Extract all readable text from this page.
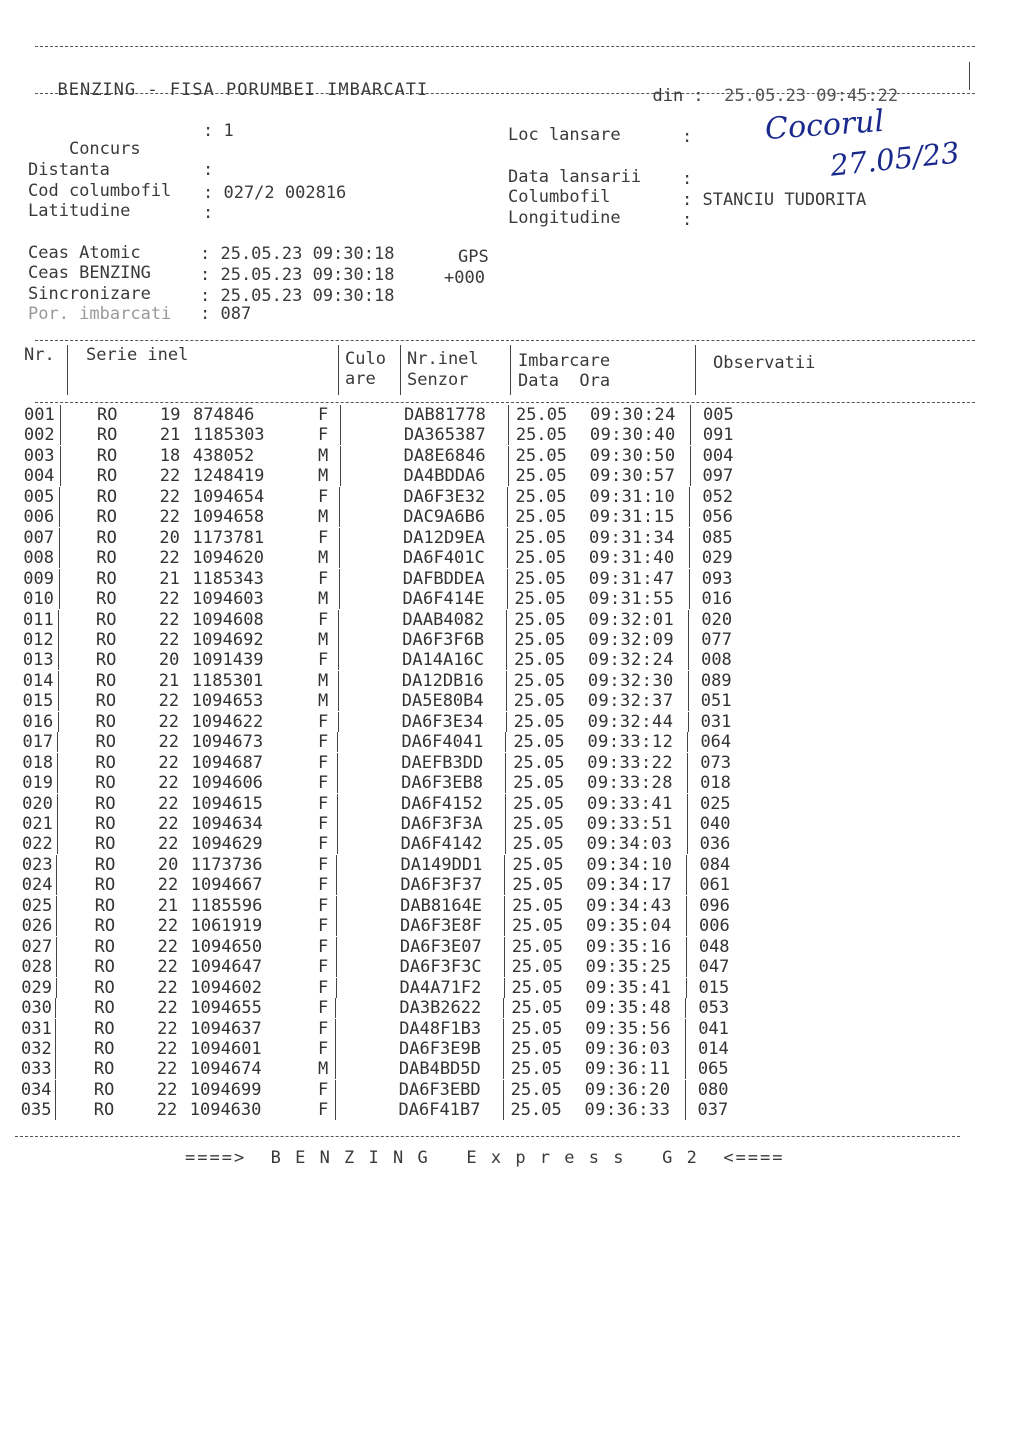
BENZING - FISA PORUMBEI IMBARCATI	din : 25.05.23 09:45:22

Concurs

: 1
Distanta	:
Cod columbofil : 027/2 002816
Latitudine	:
Loc lansare	:
Data lansarii :
Columbofil	: STANCIU TUDORITA
Longitudine	:
Cocorul
27.05/23
Ceas Atomic	: 25.05.23 09:30:18	GPS
Ceas BENZING	: 25.05.23 09:30:18	+000
Sincronizare	: 25.05.23 09:30:18
Por. imbarcati : 087
Nr. Serie inel	Culo
are
Nr.inel
Senzor
Imbarcare
Data  Ora
Observatii
001 RO	19 874846	F	DAB81778 25.05 09:30:24 005
002 RO	21 1185303	F	DA365387 25.05 09:30:40 091
003 RO	18 438052	M	DA8E6846 25.05 09:30:50 004
004 RO	22 1248419	M	DA4BDDA6 25.05 09:30:57 097
005 RO	22 1094654	F	DA6F3E32 25.05 09:31:10 052
006 RO	22 1094658	M	DAC9A6B6 25.05 09:31:15 056
007 RO	20 1173781	F	DA12D9EA 25.05 09:31:34 085
008 RO	22 1094620	M	DA6F401C 25.05 09:31:40 029
009 RO	21 1185343	F	DAFBDDEA 25.05 09:31:47 093
010 RO	22 1094603	M	DA6F414E 25.05 09:31:55 016
011 RO	22 1094608	F	DAAB4082 25.05 09:32:01 020
012 RO	22 1094692	M	DA6F3F6B 25.05 09:32:09 077
013 RO	20 1091439	F	DA14A16C 25.05 09:32:24 008
014 RO	21 1185301	M	DA12DB16 25.05 09:32:30 089
015 RO	22 1094653	M	DA5E80B4 25.05 09:32:37 051
016 RO	22 1094622	F	DA6F3E34 25.05 09:32:44 031
017 RO	22 1094673	F	DA6F4041 25.05 09:33:12 064
018 RO	22 1094687	F	DAEFB3DD 25.05 09:33:22 073
019 RO	22 1094606	F	DA6F3EB8 25.05 09:33:28 018
020 RO	22 1094615	F	DA6F4152 25.05 09:33:41 025
021 RO	22 1094634	F	DA6F3F3A 25.05 09:33:51 040
022 RO	22 1094629	F	DA6F4142 25.05 09:34:03 036
023 RO	20 1173736	F	DA149DD1 25.05 09:34:10 084
024 RO	22 1094667	F	DA6F3F37 25.05 09:34:17 061
025 RO	21 1185596	F	DAB8164E 25.05 09:34:43 096
026 RO	22 1061919	F	DA6F3E8F 25.05 09:35:04 006
027 RO	22 1094650	F	DA6F3E07 25.05 09:35:16 048
028 RO	22 1094647	F	DA6F3F3C 25.05 09:35:25 047
029 RO	22 1094602	F	DA4A71F2 25.05 09:35:41 015
030 RO	22 1094655	F	DA3B2622 25.05 09:35:48 053
031 RO	22 1094637	F	DA48F1B3 25.05 09:35:56 041
032 RO	22 1094601	F	DA6F3E9B 25.05 09:36:03 014
033 RO	22 1094674	M	DAB4BD5D 25.05 09:36:11 065
034 RO	22 1094699	F	DA6F3EBD 25.05 09:36:20 080
035 RO	22 1094630	F	DA6F41B7 25.05 09:36:33 037
====>  B E N Z I N G   E x p r e s s   G 2  <====
